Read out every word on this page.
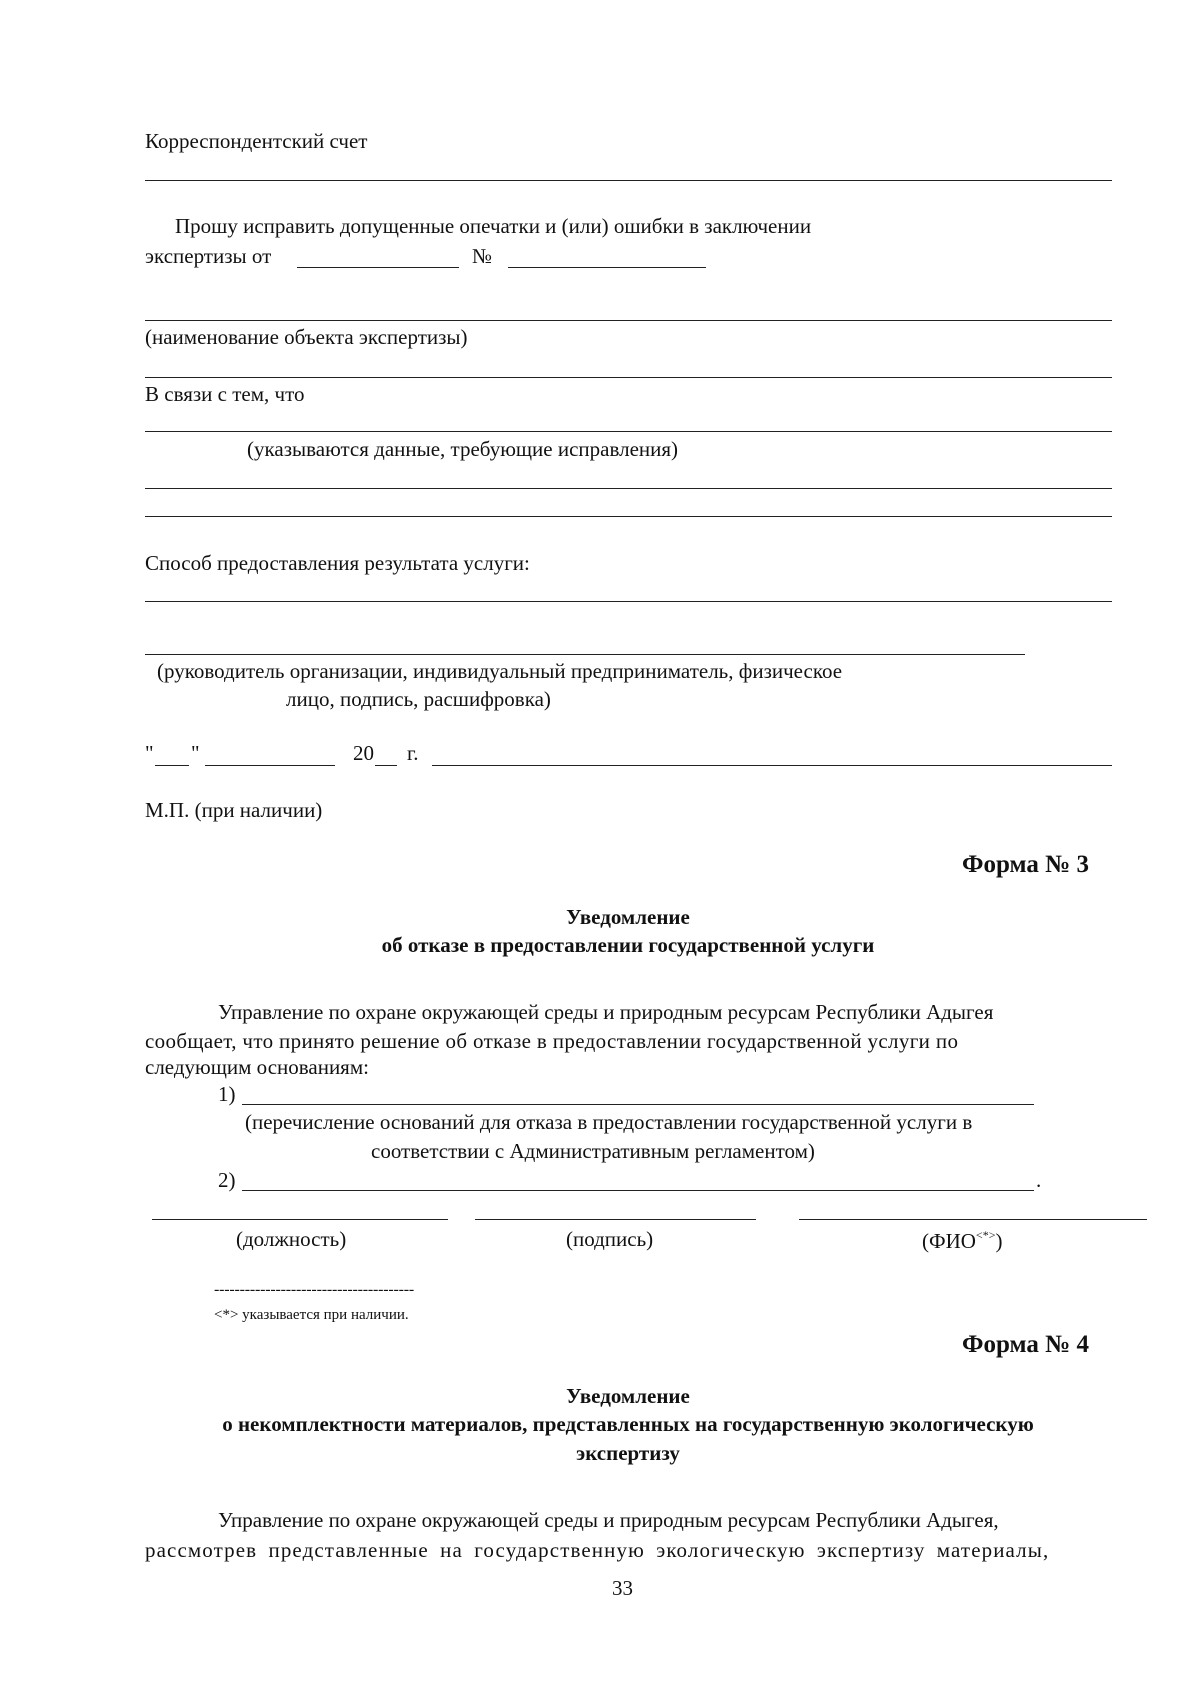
Корреспондентский счет
Прошу исправить допущенные опечатки и (или) ошибки в заключении
экспертизы от	№
(наименование объекта экспертизы)
В связи с тем, что
(указываются данные, требующие исправления)
Способ предоставления результата услуги:
(руководитель организации, индивидуальный предприниматель, физическое
лицо, подпись, расшифровка)
" "	20 г.
М.П. (при наличии)
Форма № 3
Уведомление
об отказе в предоставлении государственной услуги
Управление по охране окружающей среды и природным ресурсам Республики Адыгея
сообщает, что принято решение об отказе в предоставлении государственной услуги по
следующим основаниям:
1)
(перечисление оснований для отказа в предоставлении государственной услуги в
соответствии с Административным регламентом)
2)	.
(должность)	(подпись)	(ФИО<*>)
---------------------------------------
<*> указывается при наличии.
Форма № 4
Уведомление
о некомплектности материалов, представленных на государственную экологическую
экспертизу
Управление по охране окружающей среды и природным ресурсам Республики Адыгея,
рассмотрев представленные на государственную экологическую экспертизу материалы,
33
